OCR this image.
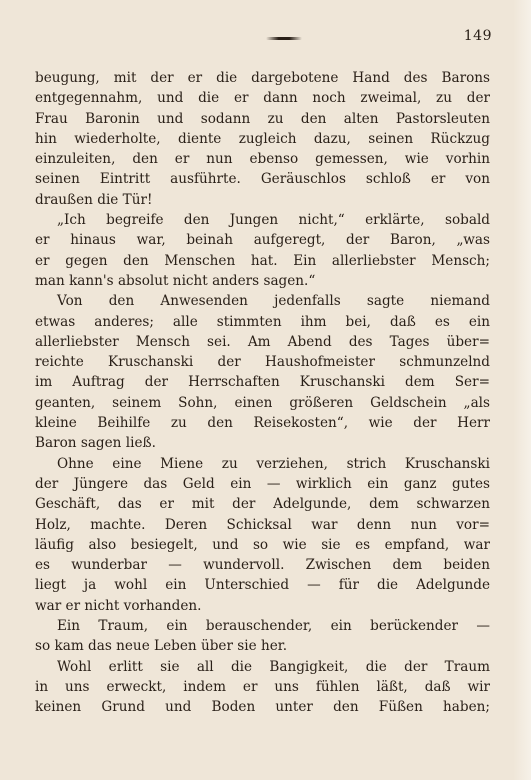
149
beugung, mit der er die dargebotene Hand des Barons
entgegennahm, und die er dann noch zweimal, zu der
Frau Baronin und sodann zu den alten Pastorsleuten
hin wiederholte, diente zugleich dazu, seinen Rückzug
einzuleiten, den er nun ebenso gemessen, wie vorhin
seinen Eintritt ausführte. Geräuschlos schloß er von
draußen die Tür!
„Ich begreife den Jungen nicht,“ erklärte, sobald
er hinaus war, beinah aufgeregt, der Baron, „was
er gegen den Menschen hat. Ein allerliebster Mensch;
man kann's absolut nicht anders sagen.“
Von den Anwesenden jedenfalls sagte niemand
etwas anderes; alle stimmten ihm bei, daß es ein
allerliebster Mensch sei. Am Abend des Tages über=
reichte Kruschanski der Haushofmeister schmunzelnd
im Auftrag der Herrschaften Kruschanski dem Ser=
geanten, seinem Sohn, einen größeren Geldschein „als
kleine Beihilfe zu den Reisekosten“, wie der Herr
Baron sagen ließ.
Ohne eine Miene zu verziehen, strich Kruschanski
der Jüngere das Geld ein — wirklich ein ganz gutes
Geschäft, das er mit der Adelgunde, dem schwarzen
Holz, machte. Deren Schicksal war denn nun vor=
läufig also besiegelt, und so wie sie es empfand, war
es wunderbar — wundervoll. Zwischen dem beiden
liegt ja wohl ein Unterschied — für die Adelgunde
war er nicht vorhanden.
Ein Traum, ein berauschender, ein berückender —
so kam das neue Leben über sie her.
Wohl erlitt sie all die Bangigkeit, die der Traum
in uns erweckt, indem er uns fühlen läßt, daß wir
keinen Grund und Boden unter den Füßen haben;
